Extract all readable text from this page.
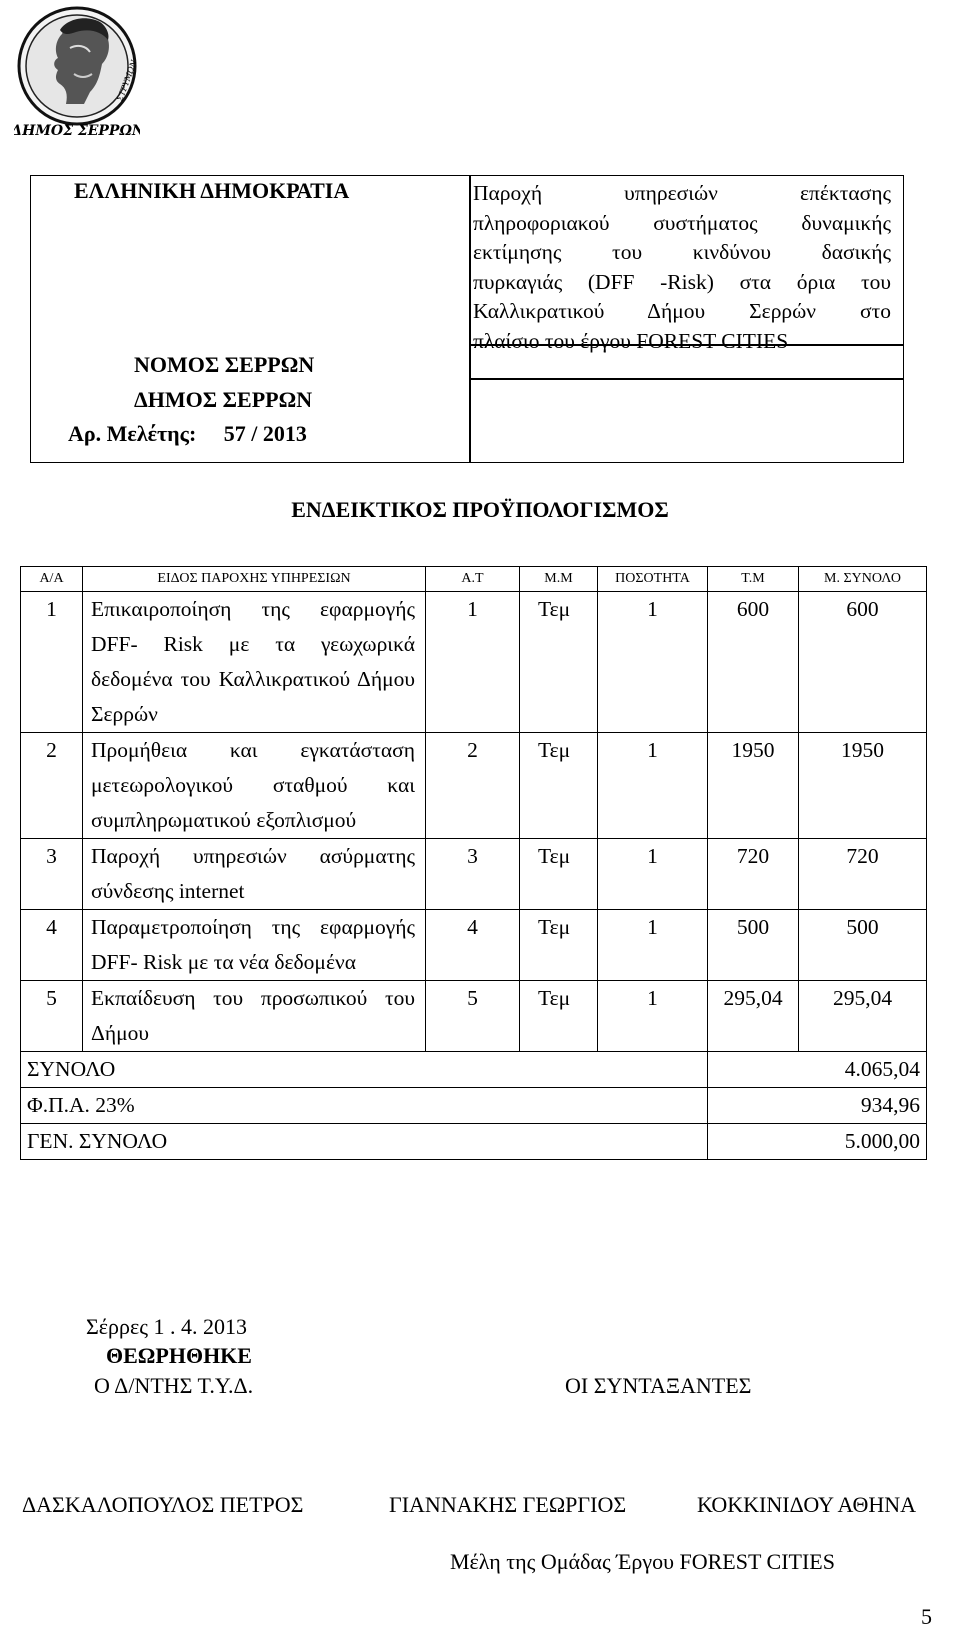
ΔΗΜΟΣ ΣΕΡΡΩΝ
ΣΤΡΥΜΩΝ
ΕΛΛΗΝΙΚΗ ΔΗΜΟΚΡΑΤΙΑ
ΝΟΜΟΣ ΣΕΡΡΩΝ
ΔΗΜΟΣ ΣΕΡΡΩΝ
Αρ. Μελέτης: 57 / 2013
Παροχή υπηρεσιών επέκτασης
πληροφοριακού συστήματος δυναμικής
εκτίμησης του κινδύνου δασικής
πυρκαγιάς (DFF -Risk) στα όρια του
Καλλικρατικού Δήμου Σερρών στο
πλαίσιο του έργου FOREST CITIES
ΕΝΔΕΙΚΤΙΚΟΣ ΠΡΟΫΠΟΛΟΓΙΣΜΟΣ
Α/Α	ΕΙΔΟΣ ΠΑΡΟΧΗΣ ΥΠΗΡΕΣΙΩΝ	Α.Τ	Μ.Μ	ΠΟΣΟΤΗΤΑ	Τ.Μ	Μ. ΣΥΝΟΛΟ
1	Επικαιροποίηση της εφαρμογής DFF- Risk με τα γεωχωρικά δεδομένα του Καλλικρατικού Δήμου Σερρών	1	Τεμ	1	600	600
2	Προμήθεια και εγκατάσταση μετεωρολογικού σταθμού και συμπληρωματικού εξοπλισμού	2	Τεμ	1	1950	1950
3	Παροχή υπηρεσιών ασύρματης σύνδεσης internet	3	Τεμ	1	720	720
4	Παραμετροποίηση της εφαρμογής DFF- Risk με τα νέα δεδομένα	4	Τεμ	1	500	500
5	Εκπαίδευση του προσωπικού του Δήμου	5	Τεμ	1	295,04	295,04
ΣΥΝΟΛΟ					4.065,04	
Φ.Π.Α. 23%					934,96	
ΓΕΝ. ΣΥΝΟΛΟ					5.000,00	
Σέρρες 1 . 4. 2013
ΘΕΩΡΗΘΗΚΕ
Ο Δ/ΝΤΗΣ Τ.Υ.Δ.	ΟΙ ΣΥΝΤΑΞΑΝΤΕΣ
ΔΑΣΚΑΛΟΠΟΥΛΟΣ ΠΕΤΡΟΣ	ΓΙΑΝΝΑΚΗΣ ΓΕΩΡΓΙΟΣ	ΚΟΚΚΙΝΙΔΟΥ ΑΘΗΝΑ
Μέλη της Ομάδας Έργου FOREST CITIES
5
